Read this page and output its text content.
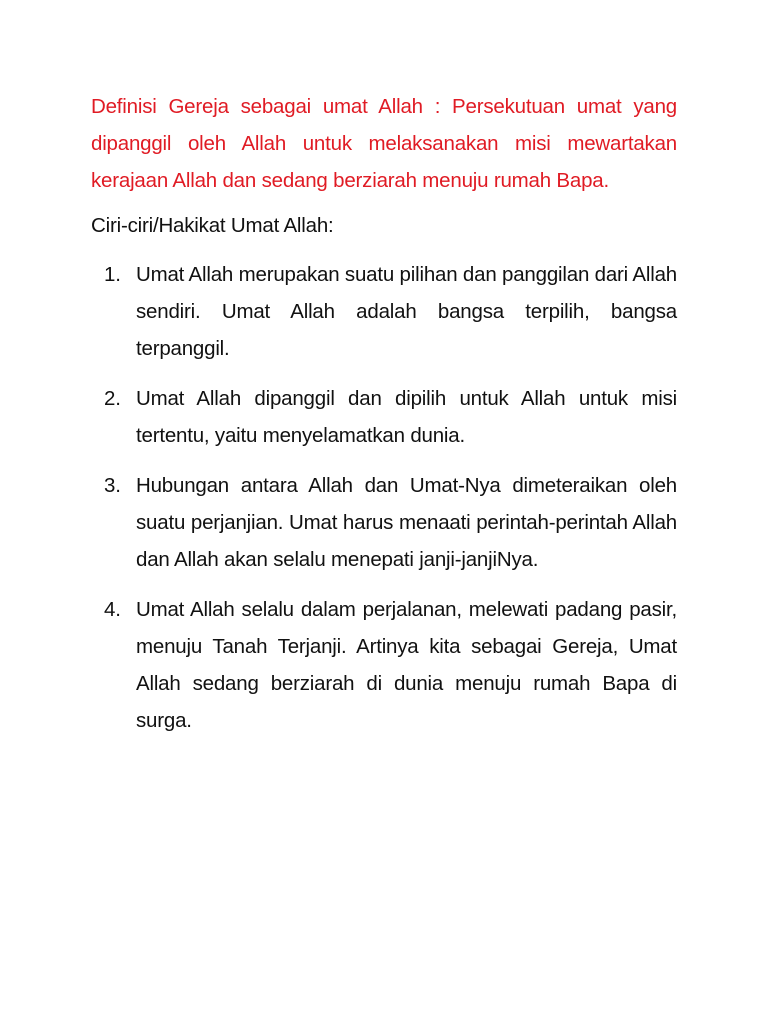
Definisi Gereja sebagai umat Allah : Persekutuan umat yang dipanggil oleh Allah untuk melaksanakan misi mewartakan kerajaan Allah dan sedang berziarah menuju rumah Bapa.

Ciri-ciri/Hakikat Umat Allah:

1. Umat Allah merupakan suatu pilihan dan panggilan dari Allah sendiri. Umat Allah adalah bangsa terpilih, bangsa terpanggil.
2. Umat Allah dipanggil dan dipilih untuk Allah untuk misi tertentu, yaitu menyelamatkan dunia.
3. Hubungan antara Allah dan Umat-Nya dimeteraikan oleh suatu perjanjian. Umat harus menaati perintah-perintah Allah dan Allah akan selalu menepati janji-janjiNya.
4. Umat Allah selalu dalam perjalanan, melewati padang pasir, menuju Tanah Terjanji. Artinya kita sebagai Gereja, Umat Allah sedang berziarah di dunia menuju rumah Bapa di surga.
